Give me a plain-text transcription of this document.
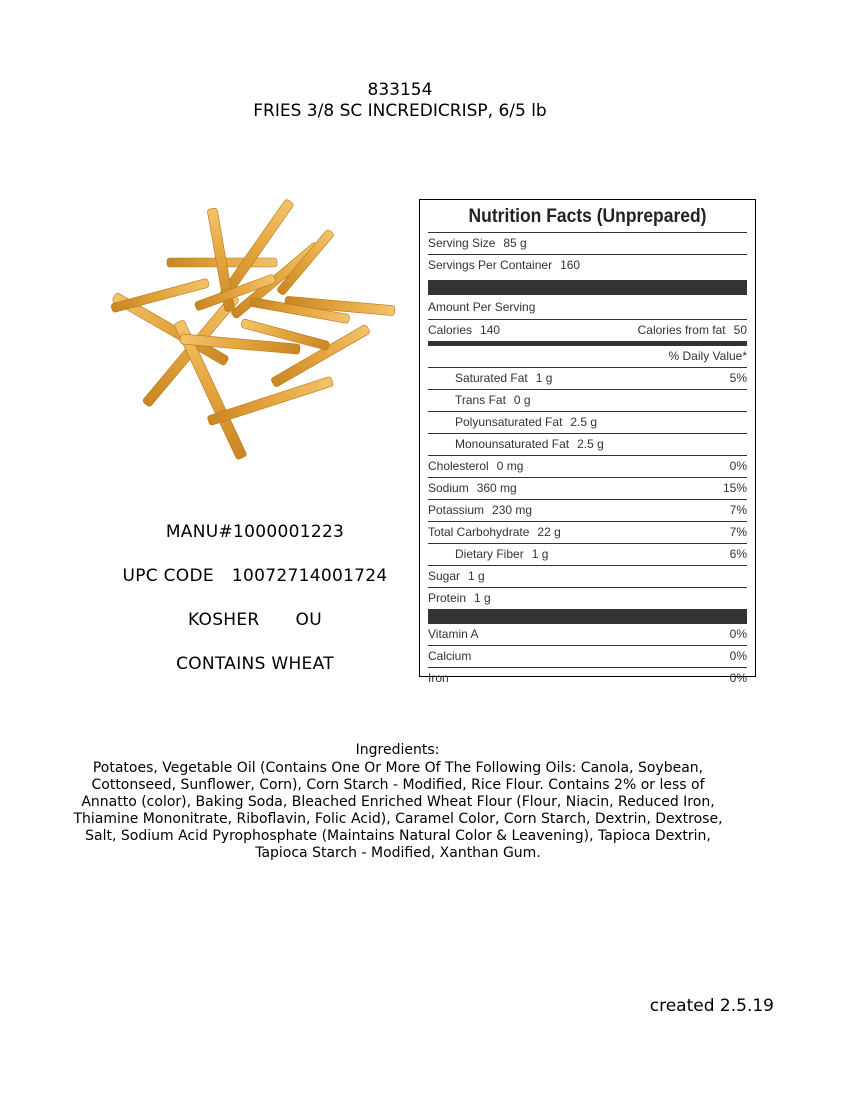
833154
FRIES 3/8 SC INCREDICRISP, 6/5 lb
MANU#1000001223
UPC CODE 10072714001724
KOSHER OU
CONTAINS WHEAT
Nutrition Facts (Unprepared)
Serving Size 85 g
Servings Per Container 160
Amount Per Serving
Calories 140	Calories from fat 50
% Daily Value*
Saturated Fat 1 g	5%
Trans Fat 0 g
Polyunsaturated Fat 2.5 g
Monounsaturated Fat 2.5 g
Cholesterol 0 mg	0%
Sodium 360 mg	15%
Potassium 230 mg	7%
Total Carbohydrate 22 g	7%
Dietary Fiber 1 g	6%
Sugar 1 g
Protein 1 g
Vitamin A	0%
Calcium	0%
Iron	0%
Ingredients:
Potatoes, Vegetable Oil (Contains One Or More Of The Following Oils: Canola, Soybean, Cottonseed, Sunflower, Corn), Corn Starch - Modified, Rice Flour. Contains 2% or less of Annatto (color), Baking Soda, Bleached Enriched Wheat Flour (Flour, Niacin, Reduced Iron, Thiamine Mononitrate, Riboflavin, Folic Acid), Caramel Color, Corn Starch, Dextrin, Dextrose, Salt, Sodium Acid Pyrophosphate (Maintains Natural Color & Leavening), Tapioca Dextrin, Tapioca Starch - Modified, Xanthan Gum.
created 2.5.19
